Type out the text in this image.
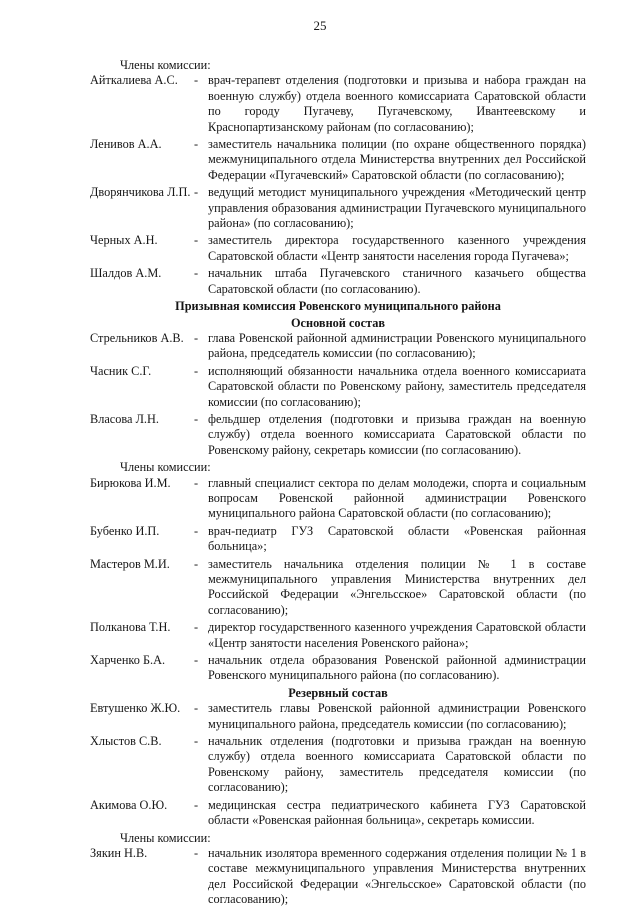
25
Члены комиссии:
Айткалиева А.С.	- врач-терапевт отделения (подготовки и призыва и набора граждан на военную службу) отдела военного комиссариата Саратовской области по городу Пугачеву, Пугачевскому, Ивантеевскому и Краснопартизанскому районам (по согласованию);
Ленивов А.А.	- заместитель начальника полиции (по охране общественного порядка) межмуниципального отдела Министерства внутренних дел Российской Федерации «Пугачевский» Саратовской области (по согласованию);
Дворянчикова Л.П. - ведущий методист муниципального учреждения «Методический центр управления образования администрации Пугачевского муниципального района» (по согласованию);
Черных А.Н.	- заместитель директора государственного казенного учреждения Саратовской области «Центр занятости населения города Пугачева»;
Шалдов А.М.	- начальник штаба Пугачевского станичного казачьего общества Саратовской области (по согласованию).
Призывная комиссия Ровенского муниципального района
Основной состав
Стрельников А.В. - глава Ровенской районной администрации Ровенского муниципального района, председатель комиссии (по согласованию);
Часник С.Г.	- исполняющий обязанности начальника отдела военного комиссариата Саратовской области по Ровенскому району, заместитель председателя комиссии (по согласованию);
Власова Л.Н.	- фельдшер отделения (подготовки и призыва граждан на военную службу) отдела военного комиссариата Саратовской области по Ровенскому району, секретарь комиссии (по согласованию).
Члены комиссии:
Бирюкова И.М.	- главный специалист сектора по делам молодежи, спорта и социальным вопросам Ровенской районной администрации Ровенского муниципального района Саратовской области (по согласованию);
Бубенко И.П.	- врач-педиатр ГУЗ Саратовской области «Ровенская районная больница»;
Мастеров М.И.	- заместитель начальника отделения полиции № 1 в составе межмуниципального управления Министерства внутренних дел Российской Федерации «Энгельсское» Саратовской области (по согласованию);
Полканова Т.Н.	- директор государственного казенного учреждения Саратовской области «Центр занятости населения Ровенского района»;
Харченко Б.А.	- начальник отдела образования Ровенской районной администрации Ровенского муниципального района (по согласованию).
Резервный состав
Евтушенко Ж.Ю.	- заместитель главы Ровенской районной администрации Ровенского муниципального района, председатель комиссии (по согласованию);
Хлыстов С.В.	- начальник отделения (подготовки и призыва граждан на военную службу) отдела военного комиссариата Саратовской области по Ровенскому району, заместитель председателя комиссии (по согласованию);
Акимова О.Ю.	- медицинская сестра педиатрического кабинета ГУЗ Саратовской области «Ровенская районная больница», секретарь комиссии.
Члены комиссии:
Зякин Н.В.	- начальник изолятора временного содержания отделения полиции № 1 в составе межмуниципального управления Министерства внутренних дел Российской Федерации «Энгельсское» Саратовской области (по согласованию);
